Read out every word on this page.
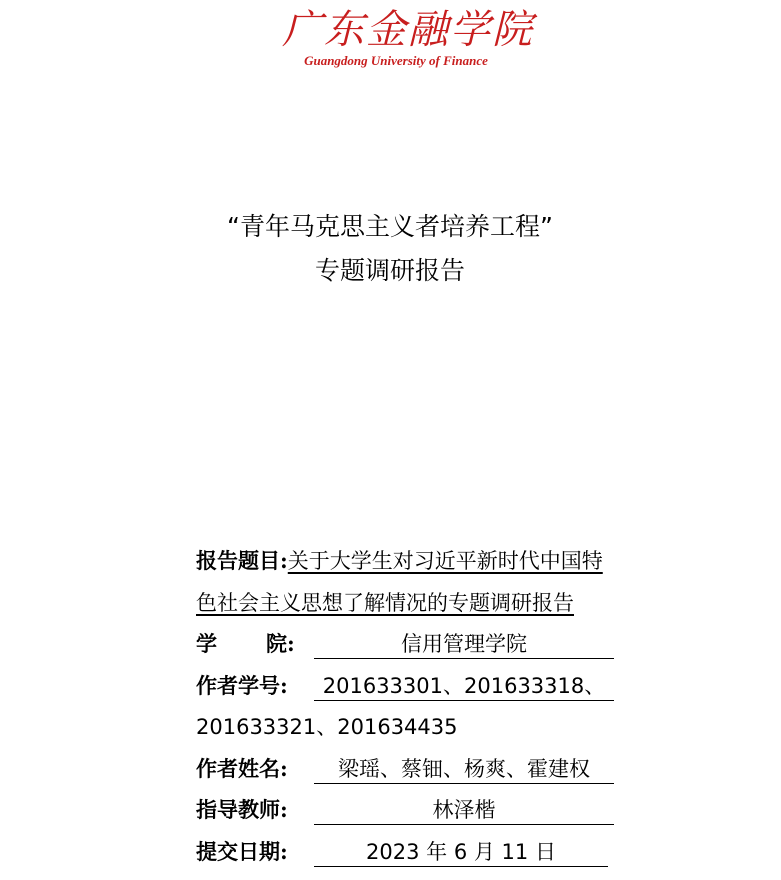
广东金融学院
Guangdong University of Finance
“青年马克思主义者培养工程”
专题调研报告
报告题目:关于大学生对习近平新时代中国特
色社会主义思想了解情况的专题调研报告
学 院:	信用管理学院
作者学号: 201633301、201633318、
201633321、201634435
作者姓名: 梁瑶、蔡钿、杨爽、霍建权
指导教师:	林泽楷
提交日期:	2023 年 6 月 11 日
